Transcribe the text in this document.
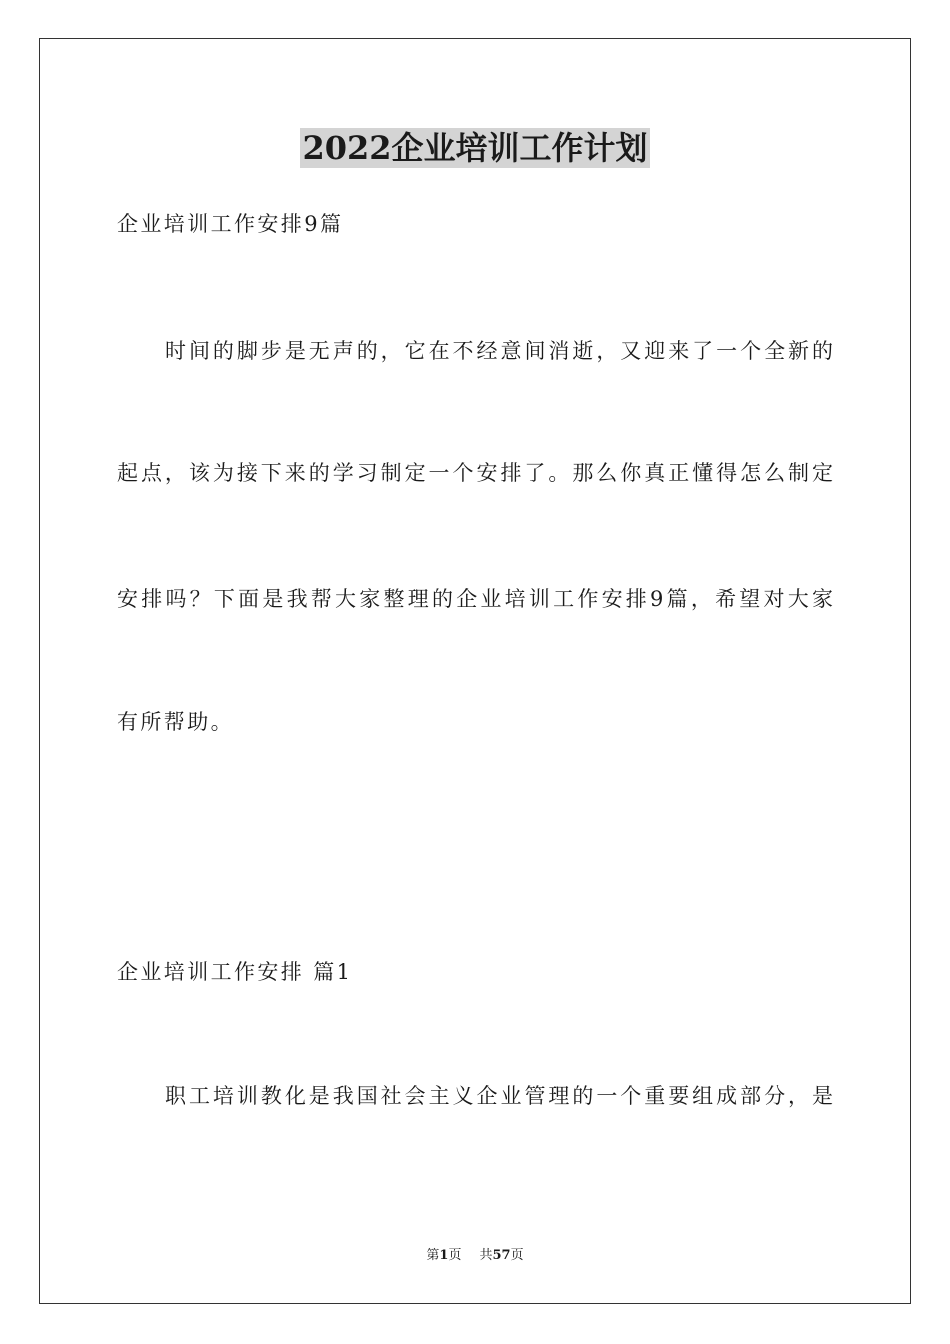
2022企业培训工作计划
企业培训工作安排9篇
时间的脚步是无声的，它在不经意间消逝，又迎来了一个全新的
起点，该为接下来的学习制定一个安排了。那么你真正懂得怎么制定
安排吗？下面是我帮大家整理的企业培训工作安排9篇，希望对大家
有所帮助。
企业培训工作安排 篇1
职工培训教化是我国社会主义企业管理的一个重要组成部分，是
第1页 共57页
